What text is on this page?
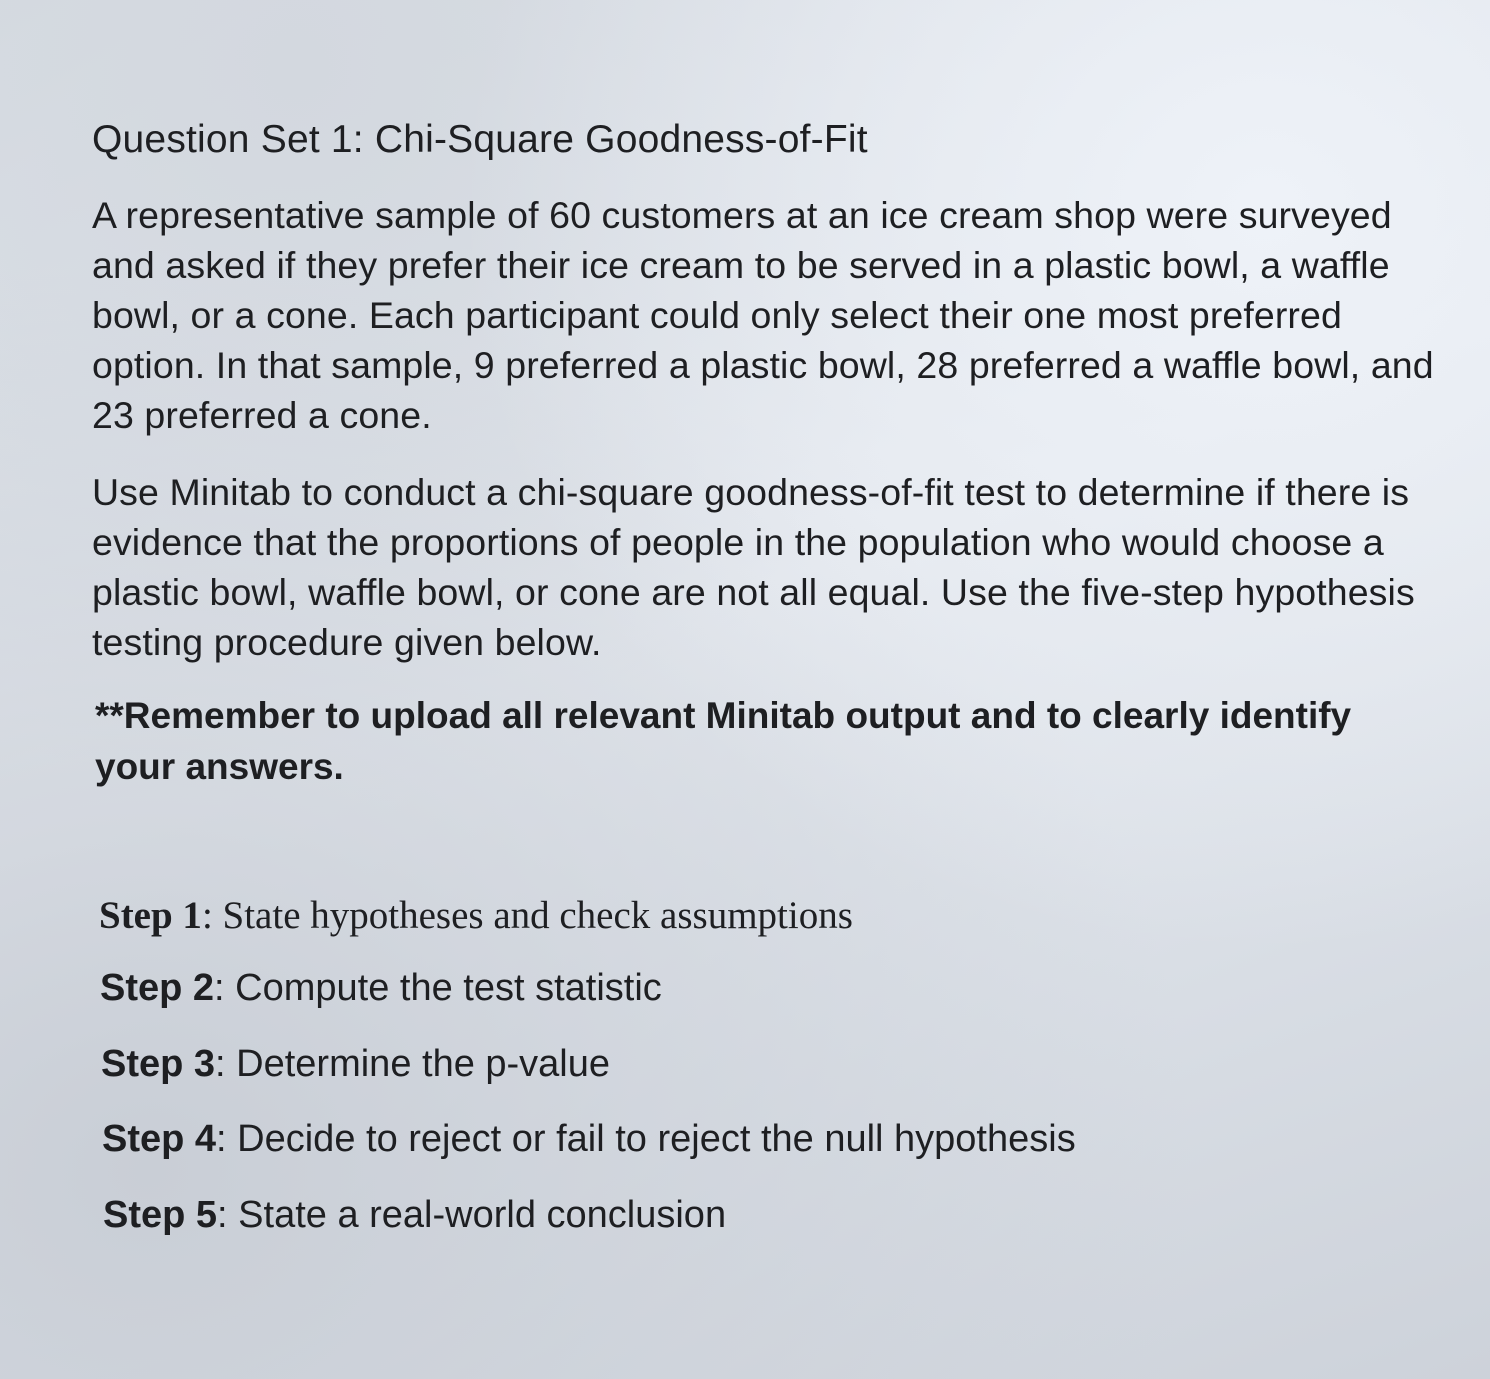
Question Set 1: Chi-Square Goodness-of-Fit
A representative sample of 60 customers at an ice cream shop were surveyed and asked if they prefer their ice cream to be served in a plastic bowl, a waffle bowl, or a cone. Each participant could only select their one most preferred option. In that sample, 9 preferred a plastic bowl, 28 preferred a waffle bowl, and 23 preferred a cone.
Use Minitab to conduct a chi-square goodness-of-fit test to determine if there is evidence that the proportions of people in the population who would choose a plastic bowl, waffle bowl, or cone are not all equal. Use the five-step hypothesis testing procedure given below.
**Remember to upload all relevant Minitab output and to clearly identify your answers.
Step 1: State hypotheses and check assumptions
Step 2: Compute the test statistic
Step 3: Determine the p-value
Step 4: Decide to reject or fail to reject the null hypothesis
Step 5: State a real-world conclusion
